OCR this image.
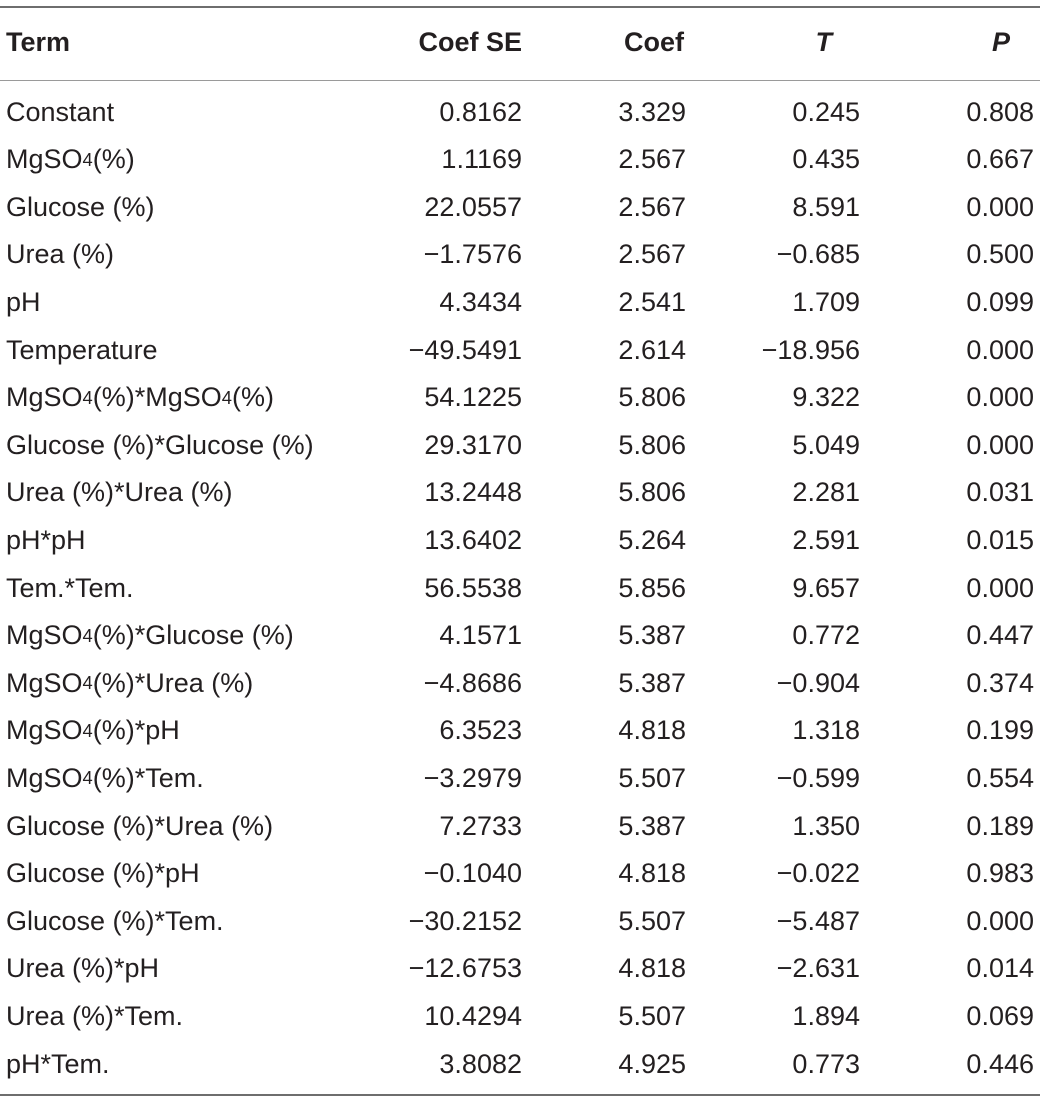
Term	Coef SE	Coef	T	P
Constant	0.8162	3.329	0.245	0.808
MgSO 4 (%)	1.1169	2.567	0.435	0.667
Glucose (%)	22.0557	2.567	8.591	0.000
Urea (%)	−1.7576	2.567	−0.685	0.500
pH	4.3434	2.541	1.709	0.099
Temperature	−49.5491	2.614	−18.956	0.000
MgSO 4 (%)*MgSO 4 (%)	54.1225	5.806	9.322	0.000
Glucose (%)*Glucose (%)	29.3170	5.806	5.049	0.000
Urea (%)*Urea (%)	13.2448	5.806	2.281	0.031
pH*pH	13.6402	5.264	2.591	0.015
Tem.*Tem.	56.5538	5.856	9.657	0.000
MgSO 4 (%)*Glucose (%)	4.1571	5.387	0.772	0.447
MgSO 4 (%)*Urea (%)	−4.8686	5.387	−0.904	0.374
MgSO 4 (%)*pH	6.3523	4.818	1.318	0.199
MgSO 4 (%)*Tem.	−3.2979	5.507	−0.599	0.554
Glucose (%)*Urea (%)	7.2733	5.387	1.350	0.189
Glucose (%)*pH	−0.1040	4.818	−0.022	0.983
Glucose (%)*Tem.	−30.2152	5.507	−5.487	0.000
Urea (%)*pH	−12.6753	4.818	−2.631	0.014
Urea (%)*Tem.	10.4294	5.507	1.894	0.069
pH*Tem.	3.8082	4.925	0.773	0.446
